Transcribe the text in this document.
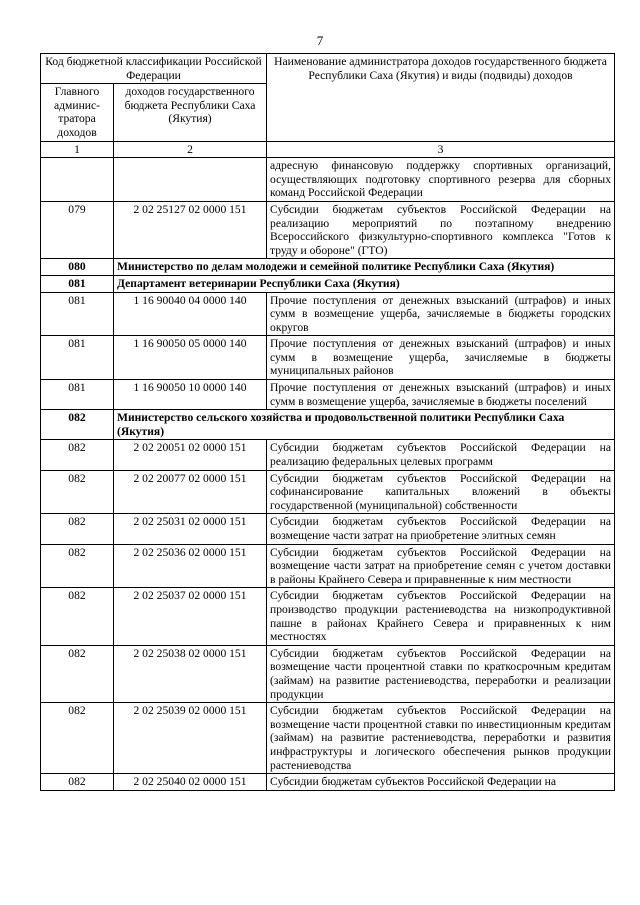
7
Код бюджетной классификации Российской Федерации		Наименование администратора доходов государственного бюджета Республики Саха (Якутия) и виды (подвиды) доходов
Главного админис-тратора доходов	доходов государственного бюджета Республики Саха (Якутия)	
1	2	3
		адресную финансовую поддержку спортивных организаций, осуществляющих подготовку спортивного резерва для сборных команд Российской Федерации
079	2 02 25127 02 0000 151	Субсидии бюджетам субъектов Российской Федерации на реализацию мероприятий по поэтапному внедрению Всероссийского физкультурно-спортивного комплекса "Готов к труду и обороне" (ГТО)
080	Министерство по делам молодежи и семейной политике Республики Саха (Якутия)	
081	Департамент ветеринарии Республики Саха (Якутия)	
081	1 16 90040 04 0000 140	Прочие поступления от денежных взысканий (штрафов) и иных сумм в возмещение ущерба, зачисляемые в бюджеты городских округов
081	1 16 90050 05 0000 140	Прочие поступления от денежных взысканий (штрафов) и иных сумм в возмещение ущерба, зачисляемые в бюджеты муниципальных районов
081	1 16 90050 10 0000 140	Прочие поступления от денежных взысканий (штрафов) и иных сумм в возмещение ущерба, зачисляемые в бюджеты поселений
082	Министерство сельского хозяйства и продовольственной политики Республики Саха (Якутия)	
082	2 02 20051 02 0000 151	Субсидии бюджетам субъектов Российской Федерации на реализацию федеральных целевых программ
082	2 02 20077 02 0000 151	Субсидии бюджетам субъектов Российской Федерации на софинансирование капитальных вложений в объекты государственной (муниципальной) собственности
082	2 02 25031 02 0000 151	Субсидии бюджетам субъектов Российской Федерации на возмещение части затрат на приобретение элитных семян
082	2 02 25036 02 0000 151	Субсидии бюджетам субъектов Российской Федерации на возмещение части затрат на приобретение семян с учетом доставки в районы Крайнего Севера и приравненные к ним местности
082	2 02 25037 02 0000 151	Субсидии бюджетам субъектов Российской Федерации на производство продукции растениеводства на низкопродуктивной пашне в районах Крайнего Севера и приравненных к ним местностях
082	2 02 25038 02 0000 151	Субсидии бюджетам субъектов Российской Федерации на возмещение части процентной ставки по краткосрочным кредитам (займам) на развитие растениеводства, переработки и реализации продукции
082	2 02 25039 02 0000 151	Субсидии бюджетам субъектов Российской Федерации на возмещение части процентной ставки по инвестиционным кредитам (займам) на развитие растениеводства, переработки и развития инфраструктуры и логического обеспечения рынков продукции растениеводства
082	2 02 25040 02 0000 151	Субсидии бюджетам субъектов Российской Федерации на
